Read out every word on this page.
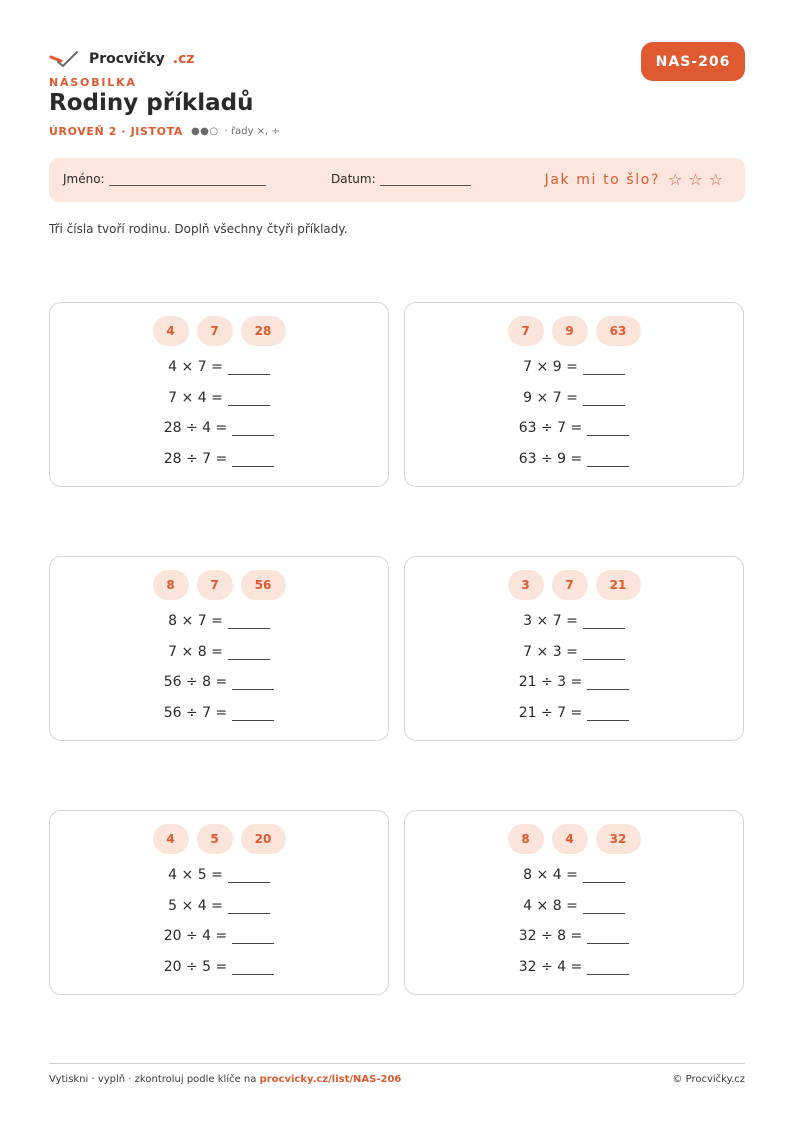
Procvičky .cz	NAS-206
NÁSOBILKA
Rodiny příkladů
ÚROVEŇ 2 · JISTOTA ●●○ · řady ×, ÷
Jméno:	Datum:	Jak mi to šlo? ☆☆☆
Tři čísla tvoří rodinu. Doplň všechny čtyři příklady.
4	7	28
4 × 7 =
7 × 4 =
28 ÷ 4 =
28 ÷ 7 =
7	9	63
7 × 9 =
9 × 7 =
63 ÷ 7 =
63 ÷ 9 =
8	7	56
8 × 7 =
7 × 8 =
56 ÷ 8 =
56 ÷ 7 =
3	7	21
3 × 7 =
7 × 3 =
21 ÷ 3 =
21 ÷ 7 =
4	5	20
4 × 5 =
5 × 4 =
20 ÷ 4 =
20 ÷ 5 =
8	4	32
8 × 4 =
4 × 8 =
32 ÷ 8 =
32 ÷ 4 =
Vytiskni · vyplň · zkontroluj podle klíče na procvicky.cz/list/NAS-206	© Procvičky.cz
